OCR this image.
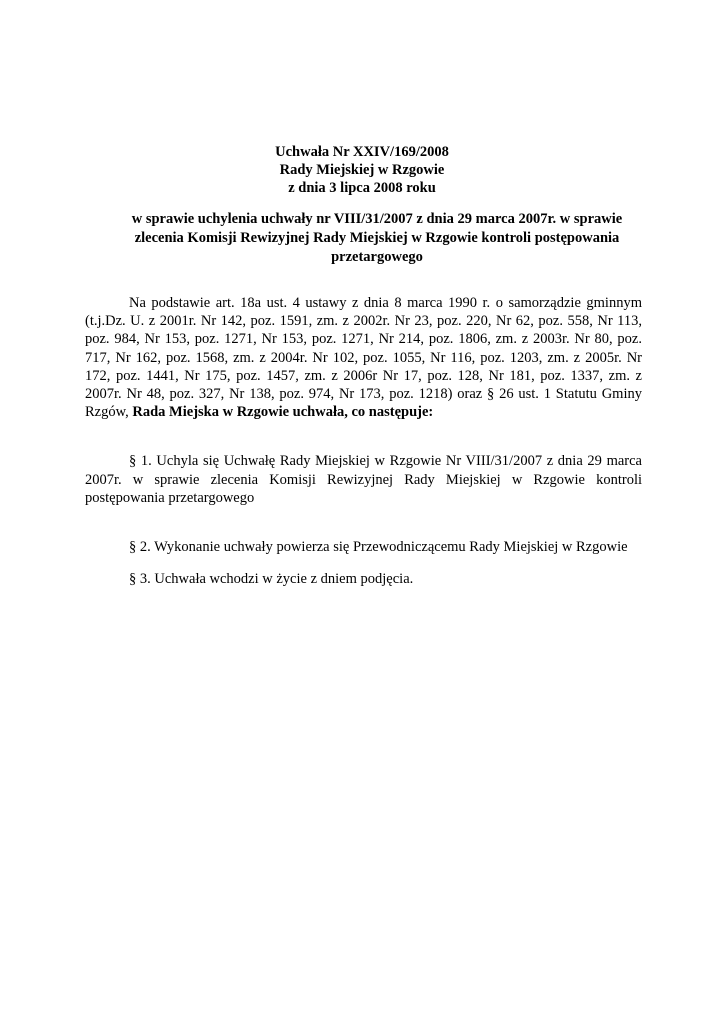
Uchwała Nr XXIV/169/2008
Rady Miejskiej w Rzgowie
z dnia 3 lipca 2008 roku
w sprawie uchylenia uchwały nr VIII/31/2007 z dnia 29 marca 2007r. w sprawie zlecenia Komisji Rewizyjnej Rady Miejskiej w Rzgowie kontroli postępowania przetargowego
Na podstawie art. 18a ust. 4 ustawy z dnia 8 marca 1990 r. o samorządzie gminnym (t.j.Dz. U. z 2001r. Nr 142, poz. 1591, zm. z 2002r. Nr 23, poz. 220, Nr 62, poz. 558, Nr 113, poz. 984, Nr 153, poz. 1271, Nr 153, poz. 1271, Nr 214, poz. 1806, zm. z 2003r. Nr 80, poz. 717, Nr 162, poz. 1568, zm. z 2004r. Nr 102, poz. 1055, Nr 116, poz. 1203, zm. z 2005r. Nr 172, poz. 1441, Nr 175, poz. 1457, zm. z 2006r Nr 17, poz. 128, Nr 181, poz. 1337, zm. z 2007r. Nr 48, poz. 327, Nr 138, poz. 974, Nr 173, poz. 1218) oraz § 26 ust. 1 Statutu Gminy Rzgów, Rada Miejska w Rzgowie uchwała, co następuje:
§ 1. Uchyla się Uchwałę Rady Miejskiej w Rzgowie Nr VIII/31/2007 z dnia 29 marca 2007r. w sprawie zlecenia Komisji Rewizyjnej Rady Miejskiej w Rzgowie kontroli postępowania przetargowego
§ 2. Wykonanie uchwały powierza się Przewodniczącemu Rady Miejskiej w Rzgowie
§ 3. Uchwała wchodzi w życie z dniem podjęcia.
